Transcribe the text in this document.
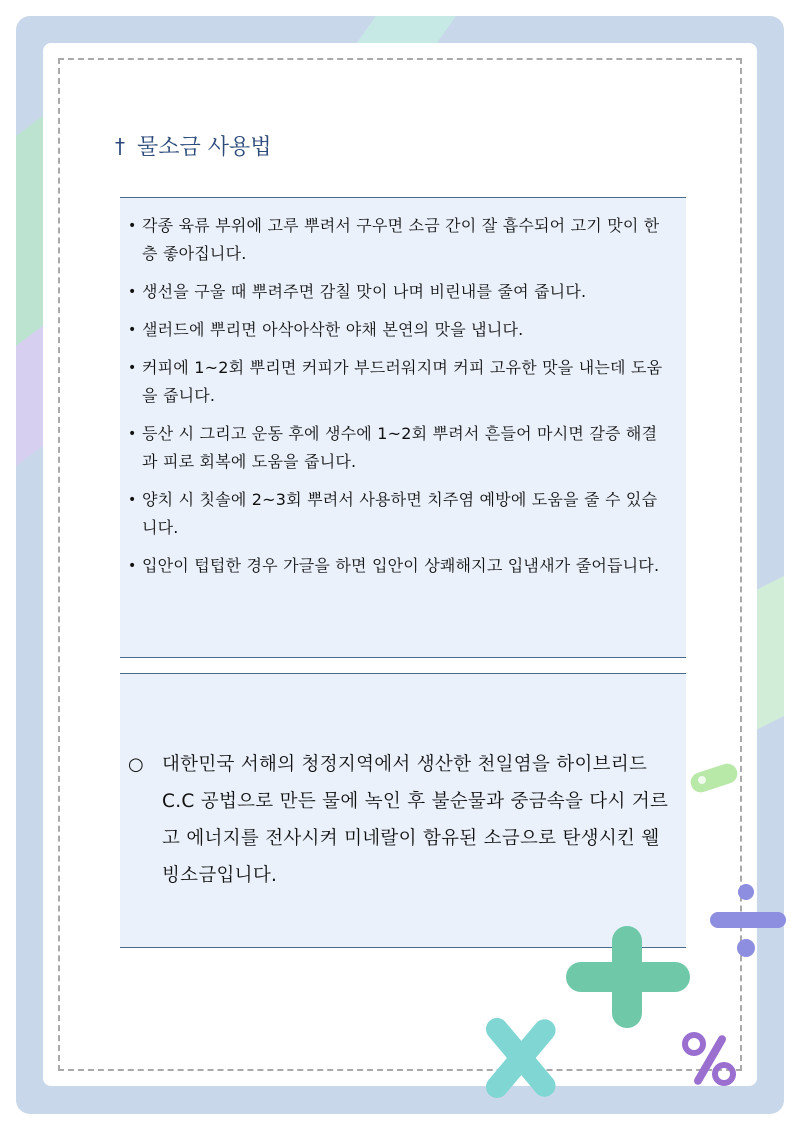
† 물소금 사용법
• 각종 육류 부위에 고루 뿌려서 구우면 소금 간이 잘 흡수되어 고기 맛이 한층 좋아집니다.
• 생선을 구울 때 뿌려주면 감칠 맛이 나며 비린내를 줄여 줍니다.
• 샐러드에 뿌리면 아삭아삭한 야채 본연의 맛을 냅니다.
• 커피에 1~2회 뿌리면 커피가 부드러워지며 커피 고유한 맛을 내는데 도움을 줍니다.
• 등산 시 그리고 운동 후에 생수에 1~2회 뿌려서 흔들어 마시면 갈증 해결과 피로 회복에 도움을 줍니다.
• 양치 시 칫솔에 2~3회 뿌려서 사용하면 치주염 예방에 도움을 줄 수 있습니다.
• 입안이 텁텁한 경우 가글을 하면 입안이 상쾌해지고 입냄새가 줄어듭니다.
○ 대한민국 서해의 청정지역에서 생산한 천일염을 하이브리드 C.C 공법으로 만든 물에 녹인 후 불순물과 중금속을 다시 거르고 에너지를 전사시켜 미네랄이 함유된 소금으로 탄생시킨 웰빙소금입니다.
